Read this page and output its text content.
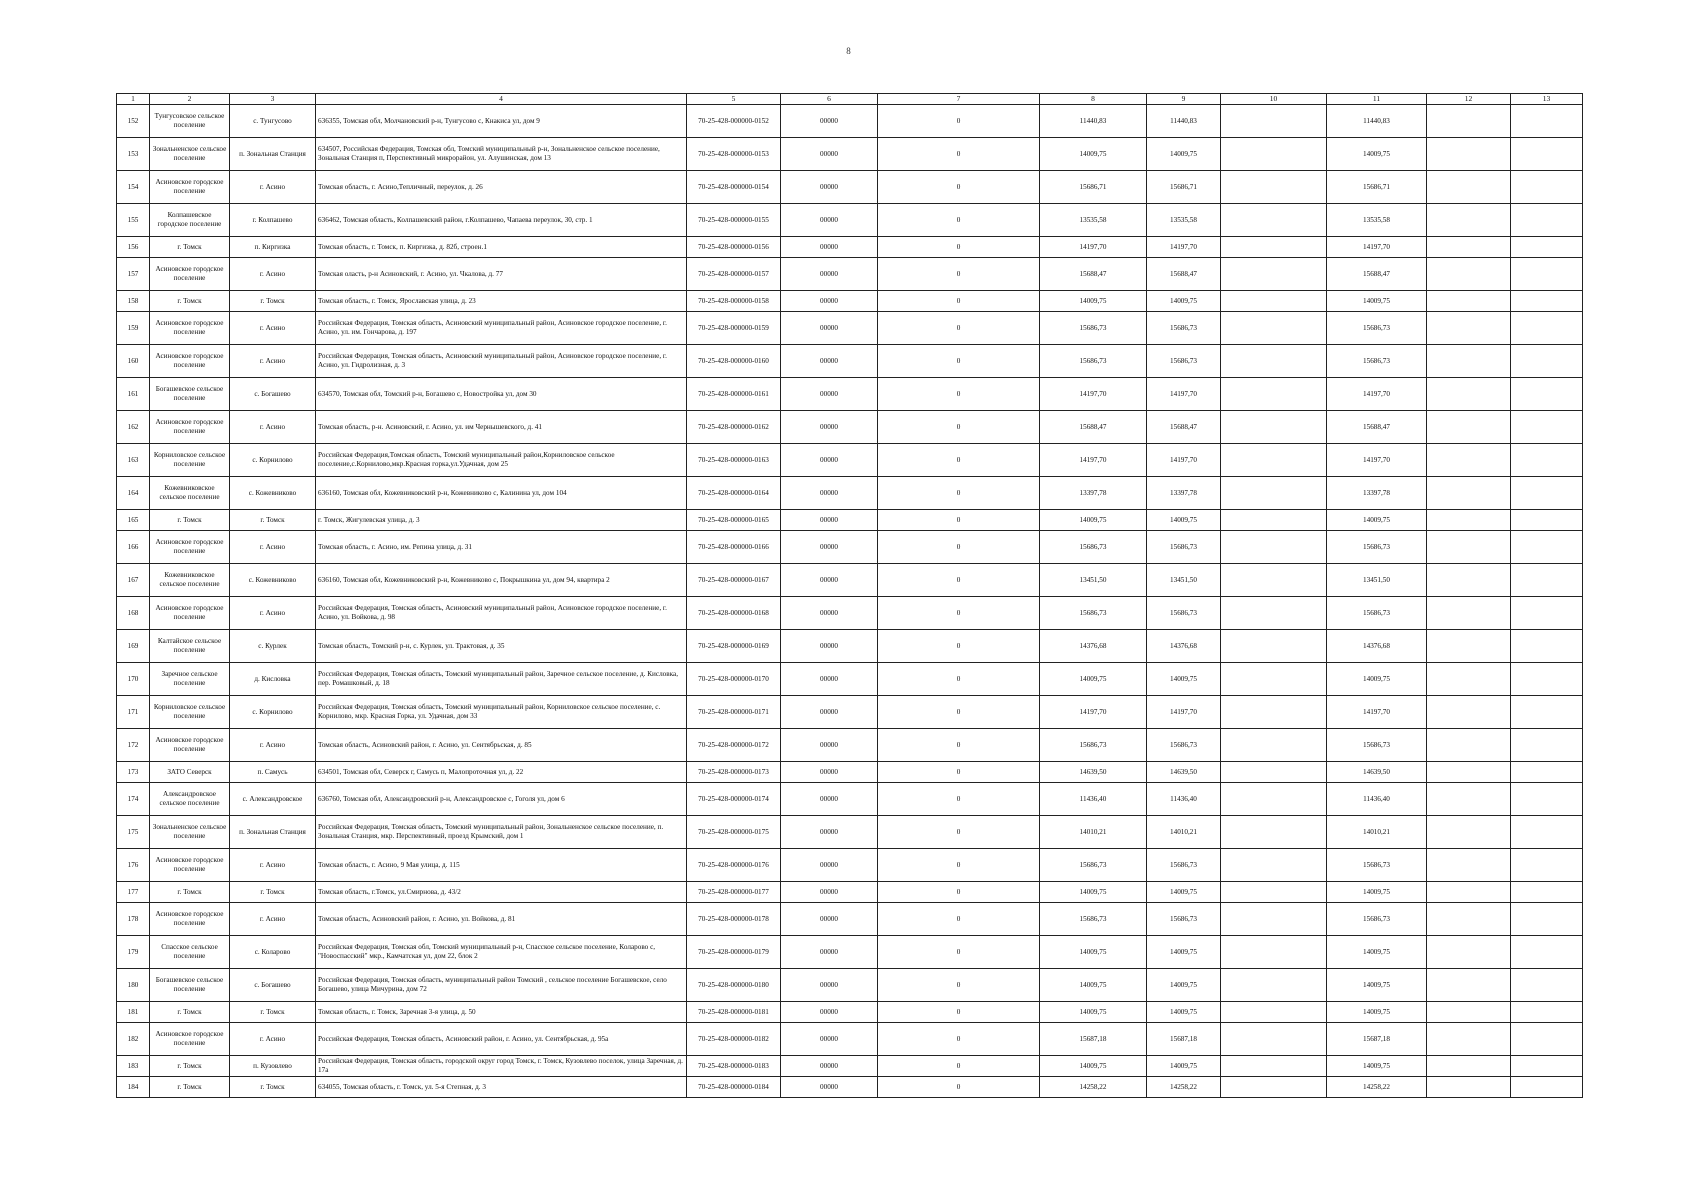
8
1	2	3	4	5	6	7	8	9	10	11	12	13
152	Тунгусовское сельское поселение	с. Тунгусово	636355, Томская обл, Молчановский р-н, Тунгусово с, Кнакиса ул, дом 9	70-25-428-000000-0152	00000	0	11440,83	11440,83		11440,83		
153	Зональненское сельское поселение	п. Зональная Станция	634507, Российская Федерация, Томская обл, Томский муниципальный р-н, Зональненское сельское поселение, Зональная Станция п, Перспективный микрорайон, ул. Алушинская, дом 13	70-25-428-000000-0153	00000	0	14009,75	14009,75		14009,75		
154	Асиновское городское поселение	г. Асино	Томская область, г. Асино,Тепличный, переулок, д. 26	70-25-428-000000-0154	00000	0	15686,71	15686,71		15686,71		
155	Колпашевское городское поселение	г. Колпашево	636462, Томская область, Колпашевский район, г.Колпашево, Чапаева переулок, 30, стр. 1	70-25-428-000000-0155	00000	0	13535,58	13535,58		13535,58		
156	г. Томск	п. Киргизка	Томская область, г. Томск, п. Киргизка, д. 82б, строен.1	70-25-428-000000-0156	00000	0	14197,70	14197,70		14197,70		
157	Асиновское городское поселение	г. Асино	Томская оласть, р-н Асиновский, г. Асино, ул. Чкалова, д. 77	70-25-428-000000-0157	00000	0	15688,47	15688,47		15688,47		
158	г. Томск	г. Томск	Томская область, г. Томск, Ярославская улица, д. 23	70-25-428-000000-0158	00000	0	14009,75	14009,75		14009,75		
159	Асиновское городское поселение	г. Асино	Российская Федерация, Томская область, Асиновский муниципальный район, Асиновское городское поселение, г. Асино, ул. им. Гончарова, д. 197	70-25-428-000000-0159	00000	0	15686,73	15686,73		15686,73		
160	Асиновское городское поселение	г. Асино	Российская Федерация, Томская область, Асиновский муниципальный район, Асиновское городское поселение, г. Асино, ул. Гидролизная, д. 3	70-25-428-000000-0160	00000	0	15686,73	15686,73		15686,73		
161	Богашевское сельское поселение	с. Богашево	634570, Томская обл, Томский р-н, Богашево с, Новостройка ул, дом 30	70-25-428-000000-0161	00000	0	14197,70	14197,70		14197,70		
162	Асиновское городское поселение	г. Асино	Томская область, р-н. Асиновский, г. Асино, ул. им Чернышевского, д. 41	70-25-428-000000-0162	00000	0	15688,47	15688,47		15688,47		
163	Корниловское сельское поселение	с. Корнилово	Российская Федерация,Томская область, Томский муниципальный район,Корниловское сельское поселение,с.Корнилово,мкр.Красная горка,ул.Удачная, дом 25	70-25-428-000000-0163	00000	0	14197,70	14197,70		14197,70		
164	Кожевниковское сельское поселение	с. Кожевниково	636160, Томская обл, Кожевниковский р-н, Кожевниково с, Калинина ул, дом 104	70-25-428-000000-0164	00000	0	13397,78	13397,78		13397,78		
165	г. Томск	г. Томск	г. Томск, Жигулевская улица, д. 3	70-25-428-000000-0165	00000	0	14009,75	14009,75		14009,75		
166	Асиновское городское поселение	г. Асино	Томская область, г. Асино, им. Репина улица, д. 31	70-25-428-000000-0166	00000	0	15686,73	15686,73		15686,73		
167	Кожевниковское сельское поселение	с. Кожевниково	636160, Томская обл, Кожевниковский р-н, Кожевниково с, Покрышкина ул, дом 94, квартира 2	70-25-428-000000-0167	00000	0	13451,50	13451,50		13451,50		
168	Асиновское городское поселение	г. Асино	Российская Федерация, Томская область, Асиновский муниципальный район, Асиновское городское поселение, г. Асино, ул. Войкова, д. 98	70-25-428-000000-0168	00000	0	15686,73	15686,73		15686,73		
169	Калтайское сельское поселение	с. Курлек	Томская область, Томский р-н, с. Курлек, ул. Трактовая, д. 35	70-25-428-000000-0169	00000	0	14376,68	14376,68		14376,68		
170	Заречное сельское поселение	д. Кисловка	Российская Федерация, Томская область, Томский муниципальный район, Заречное сельское поселение, д. Кисловка, пер. Ромашковый, д. 18	70-25-428-000000-0170	00000	0	14009,75	14009,75		14009,75		
171	Корниловское сельское поселение	с. Корнилово	Российская Федерация, Томская область, Томский муниципальный район, Корниловское сельское поселение, с. Корнилово, мкр. Красная Горка, ул. Удачная, дом 33	70-25-428-000000-0171	00000	0	14197,70	14197,70		14197,70		
172	Асиновское городское поселение	г. Асино	Томская область, Асиновский район, г. Асино, ул. Сентябрьская, д. 85	70-25-428-000000-0172	00000	0	15686,73	15686,73		15686,73		
173	ЗАТО Северск	п. Самусь	634501, Томская обл, Северск г, Самусь п, Малопроточная ул, д. 22	70-25-428-000000-0173	00000	0	14639,50	14639,50		14639,50		
174	Александровское сельское поселение	с. Александровское	636760, Томская обл, Александровский р-н, Александровское с, Гоголя ул, дом 6	70-25-428-000000-0174	00000	0	11436,40	11436,40		11436,40		
175	Зональненское сельское поселение	п. Зональная Станция	Российская Федерация, Томская область, Томский муниципальный район, Зональненское сельское поселение, п. Зональная Станция, мкр. Перспективный, проезд Крымский, дом 1	70-25-428-000000-0175	00000	0	14010,21	14010,21		14010,21		
176	Асиновское городское поселение	г. Асино	Томская область, г. Асино, 9 Мая улица, д. 115	70-25-428-000000-0176	00000	0	15686,73	15686,73		15686,73		
177	г. Томск	г. Томск	Томская область, г.Томск, ул.Смирнова, д. 43/2	70-25-428-000000-0177	00000	0	14009,75	14009,75		14009,75		
178	Асиновское городское поселение	г. Асино	Томская область, Асиновский район, г. Асино, ул. Войкова, д. 81	70-25-428-000000-0178	00000	0	15686,73	15686,73		15686,73		
179	Спасское сельское поселение	с. Коларово	Российская Федерация, Томская обл, Томский муниципальный р-н, Спасское сельское поселение, Коларово с, "Новоспасский" мкр., Камчатская ул, дом 22, блок 2	70-25-428-000000-0179	00000	0	14009,75	14009,75		14009,75		
180	Богашевское сельское поселение	с. Богашево	Российская Федерация, Томская область, муниципальный район Томский , сельское поселение Богашевское, село Богашево, улица Мичурина, дом 72	70-25-428-000000-0180	00000	0	14009,75	14009,75		14009,75		
181	г. Томск	г. Томск	Томская область, г. Томск, Заречная 3-я улица, д. 50	70-25-428-000000-0181	00000	0	14009,75	14009,75		14009,75		
182	Асиновское городское поселение	г. Асино	Российская Федерация, Томская область, Асиновский район, г. Асино, ул. Сентябрьская, д. 95а	70-25-428-000000-0182	00000	0	15687,18	15687,18		15687,18		
183	г. Томск	п. Кузовлево	Российская Федерация, Томская область, городской округ город Томск, г. Томск, Кузовлево поселок, улица Заречная, д. 17а	70-25-428-000000-0183	00000	0	14009,75	14009,75		14009,75		
184	г. Томск	г. Томск	634055, Томская область, г. Томск, ул. 5-я Степная, д. 3	70-25-428-000000-0184	00000	0	14258,22	14258,22		14258,22		
